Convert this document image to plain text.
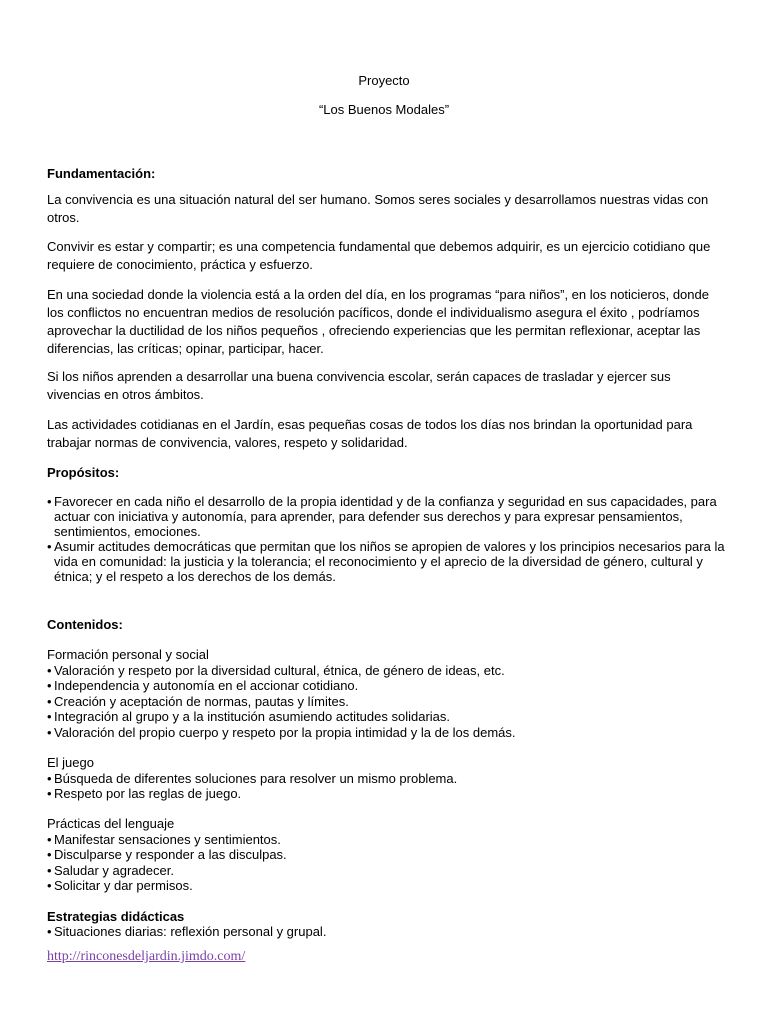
Proyecto
“Los Buenos Modales”
Fundamentación:
La convivencia es una situación natural del ser humano. Somos seres sociales y desarrollamos nuestras vidas con otros.
Convivir es estar y compartir; es una competencia fundamental que debemos adquirir, es un ejercicio cotidiano que requiere de conocimiento, práctica y esfuerzo.
En una sociedad donde la violencia está a la orden del día, en los programas “para niños”, en los noticieros, donde los conflictos no encuentran medios de resolución pacíficos, donde el individualismo asegura el éxito , podríamos aprovechar la ductilidad de los niños pequeños , ofreciendo experiencias que les permitan reflexionar, aceptar las diferencias, las críticas; opinar, participar, hacer.
Si los niños aprenden a desarrollar una buena convivencia escolar, serán capaces de trasladar y ejercer sus vivencias en otros ámbitos.
Las actividades cotidianas en el Jardín, esas pequeñas cosas de todos los días nos brindan la oportunidad para trabajar normas de convivencia, valores, respeto y solidaridad.
Propósitos:
• Favorecer en cada niño el desarrollo de la propia identidad y de la confianza y seguridad en sus capacidades, para actuar con iniciativa y autonomía, para aprender, para defender sus derechos y para expresar pensamientos, sentimientos, emociones.
• Asumir actitudes democráticas que permitan que los niños se apropien de valores y los principios necesarios para la vida en comunidad: la justicia y la tolerancia; el reconocimiento y el aprecio de la diversidad de género, cultural y étnica; y el respeto a los derechos de los demás.
Contenidos:
Formación personal y social
• Valoración y respeto por la diversidad cultural, étnica, de género de ideas, etc.
• Independencia y autonomía en el accionar cotidiano.
• Creación y aceptación de normas, pautas y límites.
• Integración al grupo y a la institución asumiendo actitudes solidarias.
• Valoración del propio cuerpo y respeto por la propia intimidad y la de los demás.
El juego
• Búsqueda de diferentes soluciones para resolver un mismo problema.
• Respeto por las reglas de juego.
Prácticas del lenguaje
• Manifestar sensaciones y sentimientos.
• Disculparse y responder a las disculpas.
• Saludar y agradecer.
• Solicitar y dar permisos.
Estrategias didácticas
• Situaciones diarias: reflexión personal y grupal.
http://rinconesdeljardin.jimdo.com/
